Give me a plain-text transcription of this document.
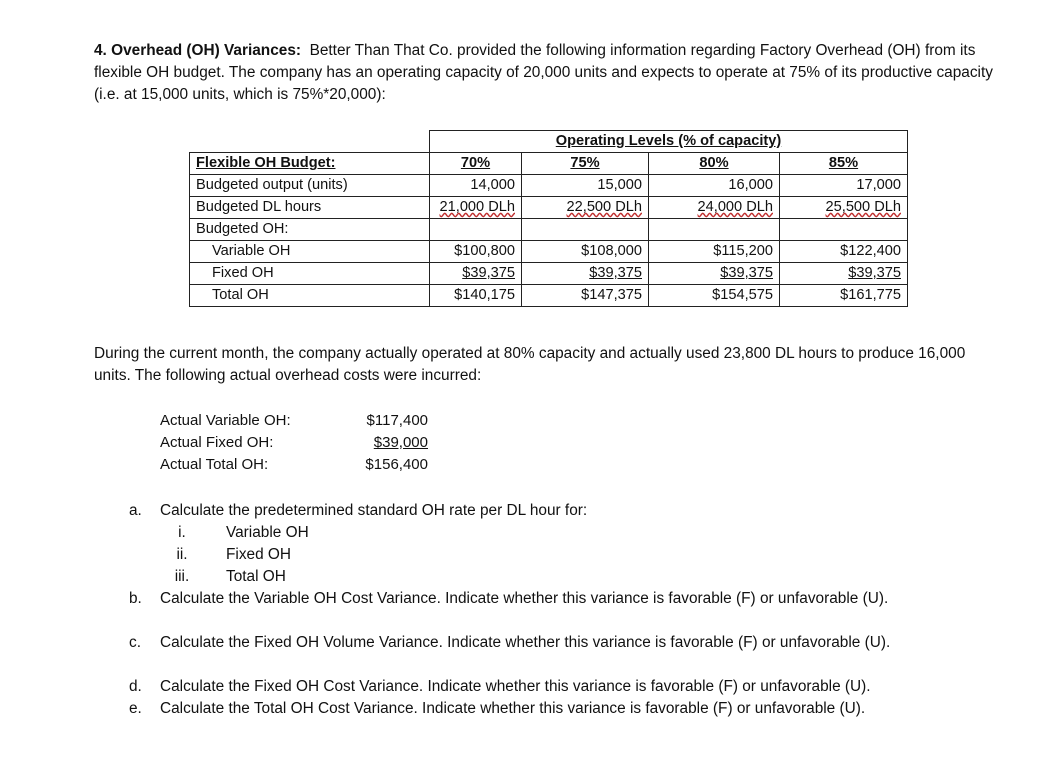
4. Overhead (OH) Variances: Better Than That Co. provided the following information regarding Factory Overhead (OH) from its flexible OH budget. The company has an operating capacity of 20,000 units and expects to operate at 75% of its productive capacity (i.e. at 15,000 units, which is 75%*20,000):
	Operating Levels (% of capacity)			
Flexible OH Budget:	70%	75%	80%	85%
Budgeted output (units)	14,000	15,000	16,000	17,000
Budgeted DL hours	21,000 DLh	22,500 DLh	24,000 DLh	25,500 DLh
Budgeted OH:				
Variable OH	$100,800	$108,000	$115,200	$122,400
Fixed OH	$39,375	$39,375	$39,375	$39,375
Total OH	$140,175	$147,375	$154,575	$161,775
During the current month, the company actually operated at 80% capacity and actually used 23,800 DL hours to produce 16,000 units. The following actual overhead costs were incurred:
Actual Variable OH:	$117,400
Actual Fixed OH:	$39,000
Actual Total OH:	$156,400
a. Calculate the predetermined standard OH rate per DL hour for:
i.	Variable OH
ii.	Fixed OH
iii.	Total OH
b. Calculate the Variable OH Cost Variance. Indicate whether this variance is favorable (F) or unfavorable (U).
c. Calculate the Fixed OH Volume Variance. Indicate whether this variance is favorable (F) or unfavorable (U).
d. Calculate the Fixed OH Cost Variance. Indicate whether this variance is favorable (F) or unfavorable (U).
e. Calculate the Total OH Cost Variance. Indicate whether this variance is favorable (F) or unfavorable (U).
